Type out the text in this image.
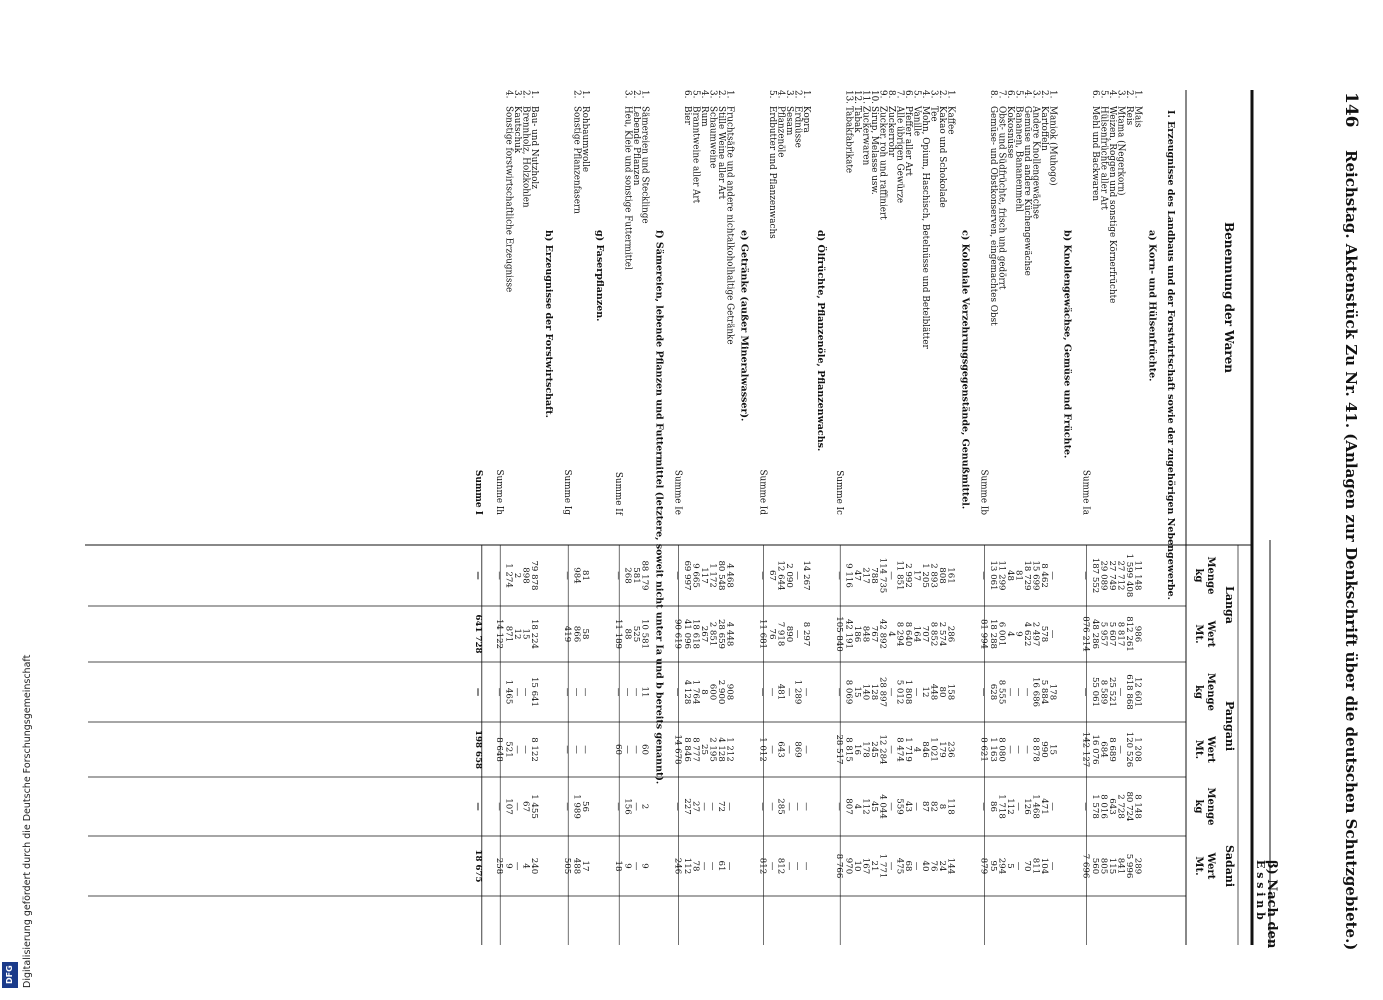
146
Reichstag. Aktenstück Zu Nr. 41. (Anlagen zur Denkschrift über die deutschen Schutzgebiete.)
β) Nach den
Benennung der Waren
E s s i n b
Langa
Pangani
Sadani
Menge
kg
Wert
Mt.
Menge
kg
Wert
Mt.
Menge
kg
Wert
Mt.
I. Erzeugnisse des Landbaus und der Forstwirtschaft sowie der zugehörigen Nebengewerbe.
a) Korn- und Hülsenfrüchte.
1.
Mais
11 148
986
12 601
1 208
8 148
289
2.
Reis
1 599 408
812 261
618 868
120 526
80 724
5 996
3.
Mtama (Negerkorn)
27 712
8 817
—
—
2 728
841
4.
Weizen, Roggen und sonstige Körnerfrüchte
27 749
5 607
25 521
8 689
643
115
5.
Hülsenfrüchte aller Art
29 089
5 957
8 589
684
8 016
805
6.
Mehl und Backwaren
187 552
48 286
55 061
16 076
1 578
560
Summe Ia
—
876 214
—
142 127
—
7 696
b) Knollengewächse, Gemüse und Früchte.
1.
Maniok (Muhogo)
—
—
178
15
—
—
2.
Kartoffeln
8 462
578
5 884
990
471
104
3.
Andere Knollengewächse
15 699
2 497
16 686
8 878
1 468
811
4.
Gemüse und andere Küchengewächse
18 729
4 622
—
—
126
70
5.
Bananen, Bananenmehl
81
9
—
—
—
—
6.
Kokosnüsse
48
4
—
—
112
5
7.
Obst- und Südfrüchte, frisch und gedörrt
11 299
6 001
8 555
8 080
1 718
294
8.
Gemüse- und Obstkonserven, eingemachtes Obst
13 061
18 288
628
1 163
86
95
Summe Ib
—
81 994
—
8 621
—
879
c) Koloniale Verzehrungsgegenstände, Genußmittel.
1.
Kaffee
161
286
158
236
118
144
2.
Kakao und Schokolade
808
2 574
80
179
8
24
3.
Tee
2 893
8 852
448
1 021
82
76
4.
Mohn, Opium, Haschisch, Betelnüsse und Betelblätter
1 205
707
12
846
87
40
5.
Vanille
17
164
—
4
—
—
6.
Pfeffer aller Art
2 992
8 640
1 808
1 719
43
68
7.
Alle übrigen Gewürze
11 851
8 294
5 012
8 474
559
475
8.
Zuckerrohr
—
4
—
—
—
—
9.
Zucker, roh und raffiniert
114 735
42 892
28 897
12 284
4 044
1 771
10.
Sirup, Melasse usw.
788
767
128
245
45
21
11.
Zuckerwaren
217
848
140
178
112
167
12.
Tabak
47
186
15
16
4
10
13.
Tabakfabrikate
9 116
42 191
8 069
8 815
807
970
Summe Ic
—
105 840
—
28 517
—
8 766
d) Ölfrüchte, Pflanzenöle, Pflanzenwachs.
1.
Kopra
14 267
8 297
—
—
—
—
2.
Erdnüsse
—
—
1 289
869
—
—
3.
Sesam
2 090
890
—
—
—
—
4.
Pflanzenöle
12 644
7 918
481
643
285
812
5.
Erdbutter und Pflanzenwachs
67
76
—
—
—
—
Summe Id
—
11 681
—
1 012
—
812
e) Getränke (außer Mineralwasser).
1.
Fruchtsäfte und andere nichtalkoholhaltige Getränke
4 468
4 448
908
1 212
—
—
2.
Stille Weine aller Art
80 548
28 659
2 900
4 128
72
61
3.
Schaumweine
1 172
2 851
600
2 195
—
—
4.
Rum
117
267
8
25
—
—
5.
Branntweine aller Art
9 665
18 618
1 764
8 777
27
78
6.
Bier
69 997
41 096
4 128
8 846
227
112
Summe Ie
—
90 619
—
14 678
—
246
f) Sämereien, lebende Pflanzen und Futtermittel (letztere, soweit nicht unter Ia und b bereits genannt).
1.
Sämereien und Stecklinge
88 179
10 581
11
60
2
9
2.
Lebende Pflanzen
581
525
—
—
—
—
3.
Heu, Kleie und sonstige Futtermittel
268
88
—
—
156
9
Summe If
—
11 189
—
60
—
18
g) Faserpflanzen.
1.
Rohbaumwolle
81
58
—
—
56
17
2.
Sonstige Pflanzenfasern
984
866
—
—
1 989
488
Summe Ig
—
419
—
—
—
505
h) Erzeugnisse der Forstwirtschaft.
1.
Bau- und Nutzholz
79 878
18 224
15 641
8 122
1 455
240
2.
Brennholz, Holzkohlen
898
15
—
—
67
4
3.
Kautschuk
2
12
—
—
—
—
4.
Sonstige forstwirtschaftliche Erzeugnisse
1 274
871
1 465
521
107
9
Summe Ih
—
14 122
—
8 648
—
258
Summe I
—
641 728
—
198 658
—
18 675
Digitalisierung gefördert durch die Deutsche Forschungsgemeinschaft
DFG
